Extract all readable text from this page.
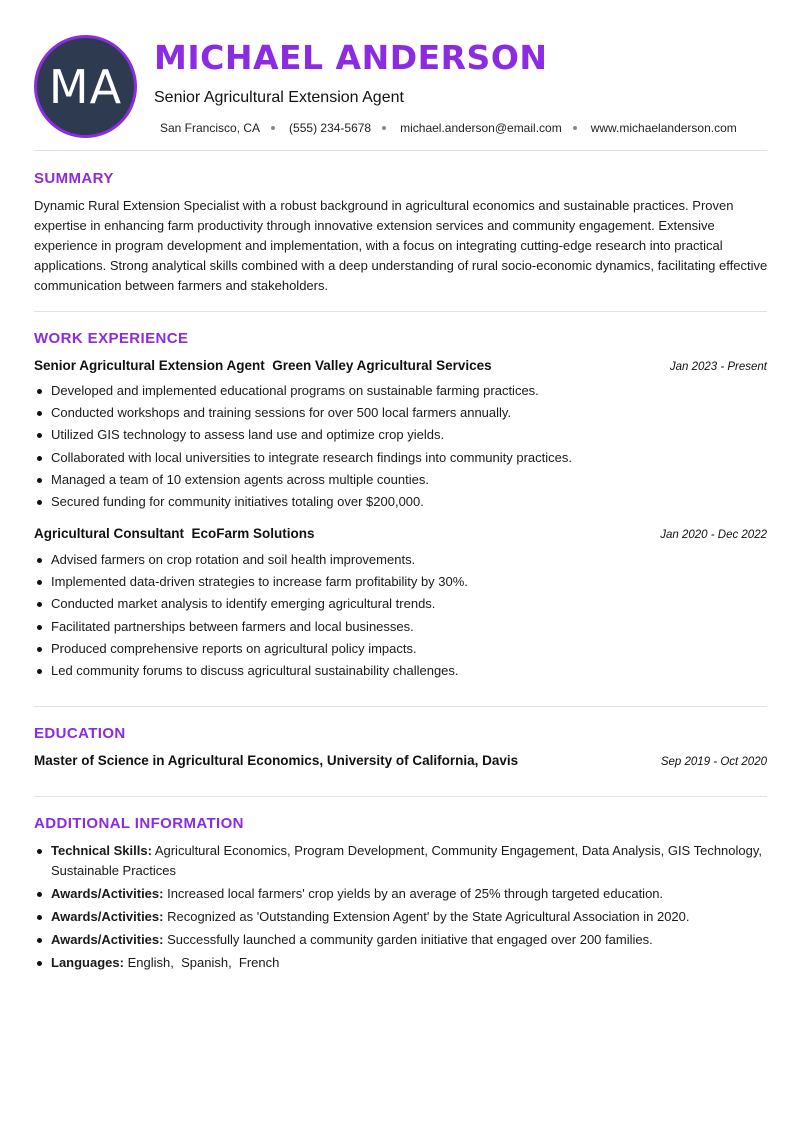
MA
MICHAEL ANDERSON
Senior Agricultural Extension Agent
San Francisco, CA (555) 234-5678 michael.anderson@email.com www.michaelanderson.com
SUMMARY

Dynamic Rural Extension Specialist with a robust background in agricultural economics and sustainable practices. Proven expertise in enhancing farm productivity through innovative extension services and community engagement. Extensive experience in program development and implementation, with a focus on integrating cutting-edge research into practical applications. Strong analytical skills combined with a deep understanding of rural socio-economic dynamics, facilitating effective communication between farmers and stakeholders.

WORK EXPERIENCE
Senior Agricultural Extension Agent  Green Valley Agricultural Services	Jan 2023 - Present
Developed and implemented educational programs on sustainable farming practices.
Conducted workshops and training sessions for over 500 local farmers annually.
Utilized GIS technology to assess land use and optimize crop yields.
Collaborated with local universities to integrate research findings into community practices.
Managed a team of 10 extension agents across multiple counties.
Secured funding for community initiatives totaling over $200,000.
Agricultural Consultant  EcoFarm Solutions	Jan 2020 - Dec 2022
Advised farmers on crop rotation and soil health improvements.
Implemented data-driven strategies to increase farm profitability by 30%.
Conducted market analysis to identify emerging agricultural trends.
Facilitated partnerships between farmers and local businesses.
Produced comprehensive reports on agricultural policy impacts.
Led community forums to discuss agricultural sustainability challenges.
EDUCATION
Master of Science in Agricultural Economics, University of California, Davis	Sep 2019 - Oct 2020
ADDITIONAL INFORMATION
Technical Skills: Agricultural Economics, Program Development, Community Engagement, Data Analysis, GIS Technology, Sustainable Practices
Awards/Activities: Increased local farmers' crop yields by an average of 25% through targeted education.
Awards/Activities: Recognized as 'Outstanding Extension Agent' by the State Agricultural Association in 2020.
Awards/Activities: Successfully launched a community garden initiative that engaged over 200 families.
Languages: English,  Spanish,  French
